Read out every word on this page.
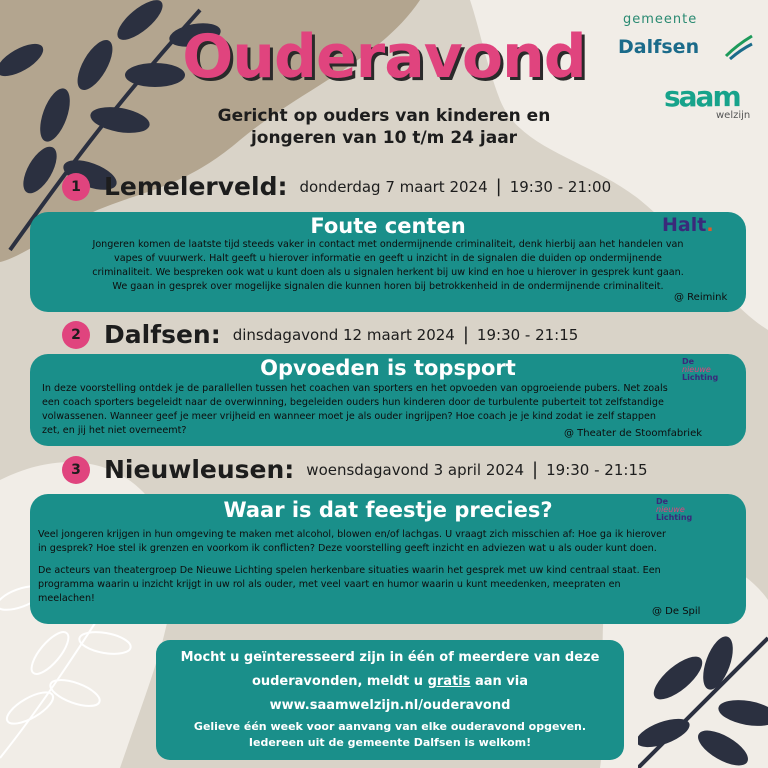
gemeente
Dalfsen
saam
welzijn
Ouderavond
Gericht op ouders van kinderen en
jongeren van 10 t/m 24 jaar
1 Lemelerveld: donderdag 7 maart 2024 | 19:30 - 21:00
Foute centen	Halt.
Jongeren komen de laatste tijd steeds vaker in contact met ondermijnende criminaliteit, denk hierbij aan het handelen van
vapes of vuurwerk. Halt geeft u hierover informatie en geeft u inzicht in de signalen die duiden op ondermijnende
criminaliteit. We bespreken ook wat u kunt doen als u signalen herkent bij uw kind en hoe u hierover in gesprek kunt gaan.
We gaan in gesprek over mogelijke signalen die kunnen horen bij betrokkenheid in de ondermijnende criminaliteit.
@ Reimink
2 Dalfsen: dinsdagavond 12 maart 2024 | 19:30 - 21:15
Opvoeden is topsport	De
nieuwe
Lichting
In deze voorstelling ontdek je de parallellen tussen het coachen van sporters en het opvoeden van opgroeiende pubers. Net zoals
een coach sporters begeleidt naar de overwinning, begeleiden ouders hun kinderen door de turbulente puberteit tot zelfstandige
volwassenen. Wanneer geef je meer vrijheid en wanneer moet je als ouder ingrijpen? Hoe coach je je kind zodat ie zelf stappen
zet, en jij het niet overneemt?	@ Theater de Stoomfabriek
3 Nieuwleusen: woensdagavond 3 april 2024 | 19:30 - 21:15
Waar is dat feestje precies?	De
nieuwe
Lichting
Veel jongeren krijgen in hun omgeving te maken met alcohol, blowen en/of lachgas. U vraagt zich misschien af: Hoe ga ik hierover
in gesprek? Hoe stel ik grenzen en voorkom ik conflicten? Deze voorstelling geeft inzicht en adviezen wat u als ouder kunt doen.
De acteurs van theatergroep De Nieuwe Lichting spelen herkenbare situaties waarin het gesprek met uw kind centraal staat. Een
programma waarin u inzicht krijgt in uw rol als ouder, met veel vaart en humor waarin u kunt meedenken, meepraten en
meelachen!
@ De Spil
Mocht u geïnteresseerd zijn in één of meerdere van deze
ouderavonden, meldt u gratis aan via
www.saamwelzijn.nl/ouderavond
Gelieve één week voor aanvang van elke ouderavond opgeven.
Iedereen uit de gemeente Dalfsen is welkom!
